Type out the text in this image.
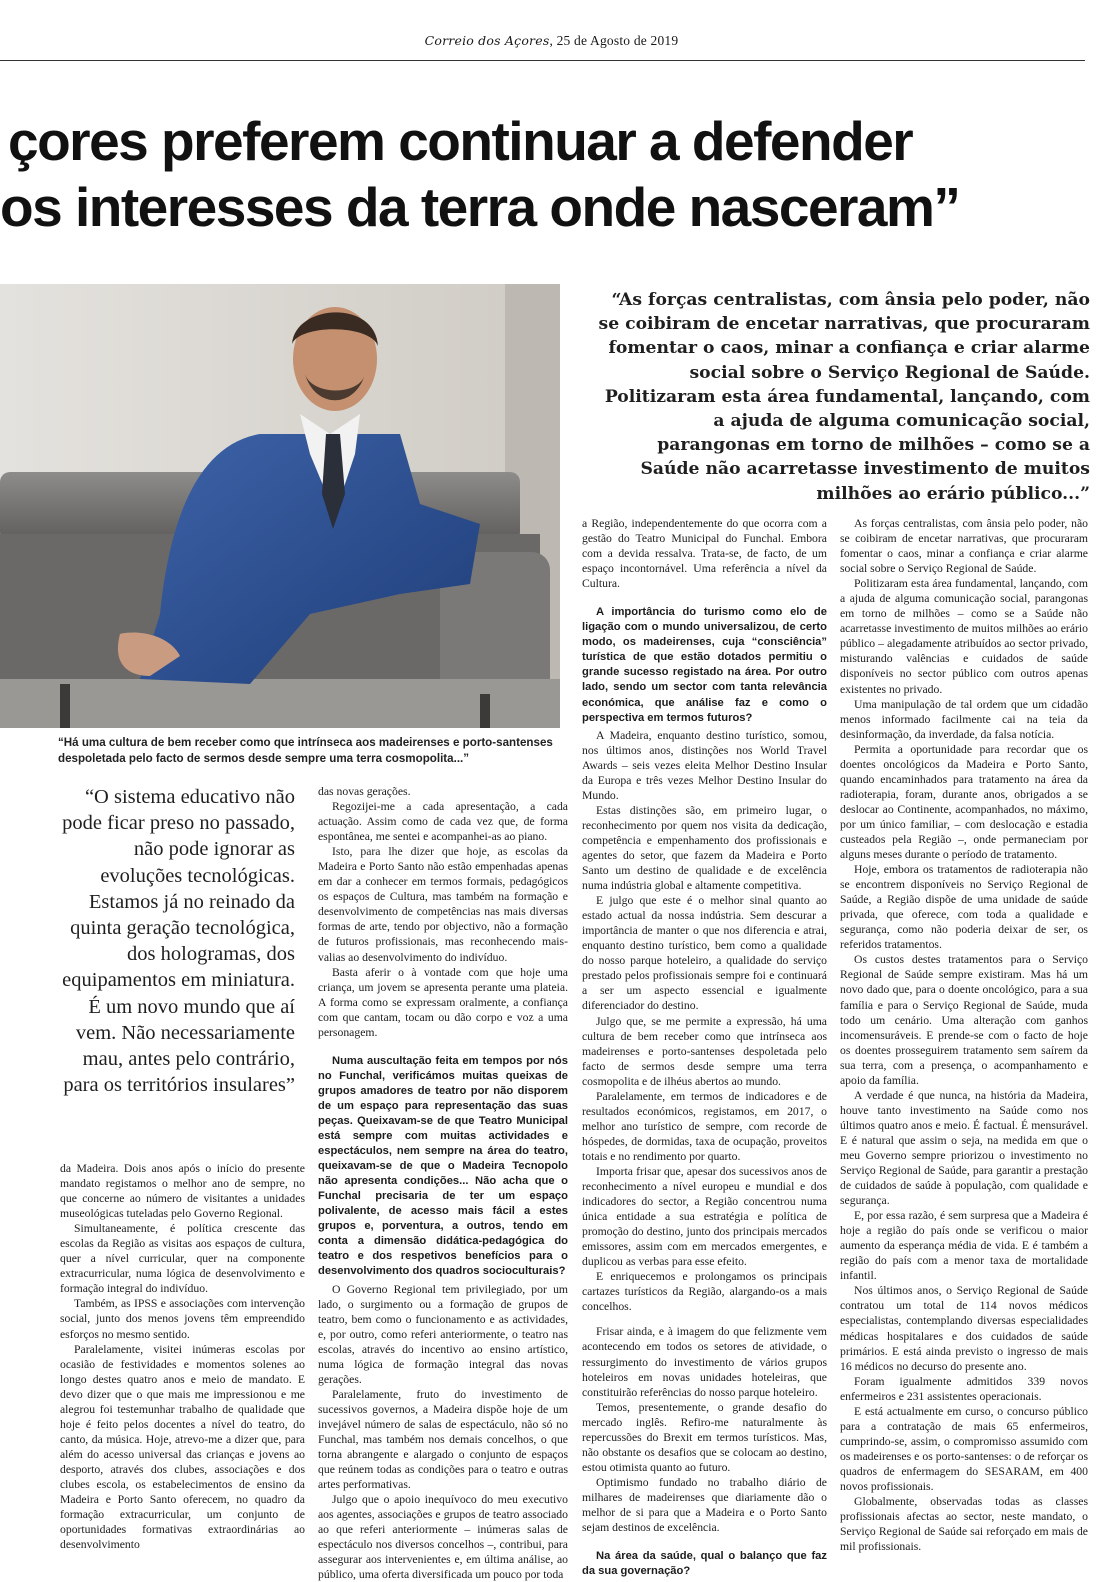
Correio dos Açores, 25 de Agosto de 2019
çores preferem continuar a defender
os interesses da terra onde nasceram”
“Há uma cultura de bem receber como que intrínseca aos madeirenses e porto-santenses despoletada pelo facto de sermos desde sempre uma terra cosmopolita...”
“As forças centralistas, com ânsia pelo poder, não se coibiram de encetar narrativas, que procuraram fomentar o caos, minar a confiança e criar alarme social sobre o Serviço Regional de Saúde. Politizaram esta área fundamental, lançando, com a ajuda de alguma comunicação social, parangonas em torno de milhões – como se a Saúde não acarretasse investimento de muitos milhões ao erário público...”
“O sistema educativo não pode ficar preso no passado, não pode ignorar as evoluções tecnológicas. Estamos já no reinado da quinta geração tecnológica, dos hologramas, dos equipamentos em miniatura. É um novo mundo que aí vem. Não necessariamente mau, antes pelo contrário, para os territórios insulares”

da Madeira. Dois anos após o início do presente mandato registamos o melhor ano de sempre, no que concerne ao número de visitantes a unidades museológicas tuteladas pelo Governo Regional.

Simultaneamente, é política crescente das escolas da Região as visitas aos espaços de cultura, quer a nível curricular, quer na componente extracurricular, numa lógica de desenvolvimento e formação integral do indivíduo.

Também, as IPSS e associações com intervenção social, junto dos menos jovens têm empreendido esforços no mesmo sentido.

Paralelamente, visitei inúmeras escolas por ocasião de festividades e momentos solenes ao longo destes quatro anos e meio de mandato. E devo dizer que o que mais me impressionou e me alegrou foi testemunhar trabalho de qualidade que hoje é feito pelos docentes a nível do teatro, do canto, da música. Hoje, atrevo-me a dizer que, para além do acesso universal das crianças e jovens ao desporto, através dos clubes, associações e dos clubes escola, os estabelecimentos de ensino da Madeira e Porto Santo oferecem, no quadro da formação extracurricular, um conjunto de oportunidades formativas extraordinárias ao desenvolvimento

das novas gerações.

Regozijei-me a cada apresentação, a cada actuação. Assim como de cada vez que, de forma espontânea, me sentei e acompanhei-as ao piano.

Isto, para lhe dizer que hoje, as escolas da Madeira e Porto Santo não estão empenhadas apenas em dar a conhecer em termos formais, pedagógicos os espaços de Cultura, mas também na formação e desenvolvimento de competências nas mais diversas formas de arte, tendo por objectivo, não a formação de futuros profissionais, mas reconhecendo mais-valias ao desenvolvimento do indivíduo.

Basta aferir o à vontade com que hoje uma criança, um jovem se apresenta perante uma plateia. A forma como se expressam oralmente, a confiança com que cantam, tocam ou dão corpo e voz a uma personagem.

Numa auscultação feita em tempos por nós no Funchal, verificámos muitas queixas de grupos amadores de teatro por não disporem de um espaço para representação das suas peças. Queixavam-se de que Teatro Municipal está sempre com muitas actividades e espectáculos, nem sempre na área do teatro, queixavam-se de que o Madeira Tecnopolo não apresenta condições... Não acha que o Funchal precisaria de ter um espaço polivalente, de acesso mais fácil a estes grupos e, porventura, a outros, tendo em conta a dimensão didática-pedagógica do teatro e dos respetivos benefícios para o desenvolvimento dos quadros socioculturais?

O Governo Regional tem privilegiado, por um lado, o surgimento ou a formação de grupos de teatro, bem como o funcionamento e as actividades, e, por outro, como referi anteriormente, o teatro nas escolas, através do incentivo ao ensino artístico, numa lógica de formação integral das novas gerações.

Paralelamente, fruto do investimento de sucessivos governos, a Madeira dispõe hoje de um invejável número de salas de espectáculo, não só no Funchal, mas também nos demais concelhos, o que torna abrangente e alargado o conjunto de espaços que reúnem todas as condições para o teatro e outras artes performativas.

Julgo que o apoio inequívoco do meu executivo aos agentes, associações e grupos de teatro associado ao que referi anteriormente – inúmeras salas de espectáculo nos diversos concelhos –, contribui, para assegurar aos intervenientes e, em última análise, ao público, uma oferta diversificada um pouco por toda

a Região, independentemente do que ocorra com a gestão do Teatro Municipal do Funchal. Embora com a devida ressalva. Trata-se, de facto, de um espaço incontornável. Uma referência a nível da Cultura.

A importância do turismo como elo de ligação com o mundo universalizou, de certo modo, os madeirenses, cuja “consciência” turística de que estão dotados permitiu o grande sucesso registado na área. Por outro lado, sendo um sector com tanta relevância económica, que análise faz e como o perspectiva em termos futuros?

A Madeira, enquanto destino turístico, somou, nos últimos anos, distinções nos World Travel Awards – seis vezes eleita Melhor Destino Insular da Europa e três vezes Melhor Destino Insular do Mundo.

Estas distinções são, em primeiro lugar, o reconhecimento por quem nos visita da dedicação, competência e empenhamento dos profissionais e agentes do setor, que fazem da Madeira e Porto Santo um destino de qualidade e de excelência numa indústria global e altamente competitiva.

E julgo que este é o melhor sinal quanto ao estado actual da nossa indústria. Sem descurar a importância de manter o que nos diferencia e atrai, enquanto destino turístico, bem como a qualidade do nosso parque hoteleiro, a qualidade do serviço prestado pelos profissionais sempre foi e continuará a ser um aspecto essencial e igualmente diferenciador do destino.

Julgo que, se me permite a expressão, há uma cultura de bem receber como que intrínseca aos madeirenses e porto-santenses despoletada pelo facto de sermos desde sempre uma terra cosmopolita e de ilhéus abertos ao mundo.

Paralelamente, em termos de indicadores e de resultados económicos, registamos, em 2017, o melhor ano turístico de sempre, com recorde de hóspedes, de dormidas, taxa de ocupação, proveitos totais e no rendimento por quarto.

Importa frisar que, apesar dos sucessivos anos de reconhecimento a nível europeu e mundial e dos indicadores do sector, a Região concentrou numa única entidade a sua estratégia e política de promoção do destino, junto dos principais mercados emissores, assim com em mercados emergentes, e duplicou as verbas para esse efeito.

E enriquecemos e prolongamos os principais cartazes turísticos da Região, alargando-os a mais concelhos.

Frisar ainda, e à imagem do que felizmente vem acontecendo em todos os setores de atividade, o ressurgimento do investimento de vários grupos hoteleiros em novas unidades hoteleiras, que constituirão referências do nosso parque hoteleiro.

Temos, presentemente, o grande desafio do mercado inglês. Refiro-me naturalmente às repercussões do Brexit em termos turísticos. Mas, não obstante os desafios que se colocam ao destino, estou otimista quanto ao futuro.

Optimismo fundado no trabalho diário de milhares de madeirenses que diariamente dão o melhor de si para que a Madeira e o Porto Santo sejam destinos de excelência.

Na área da saúde, qual o balanço que faz da sua governação?

As forças centralistas, com ânsia pelo poder, não se coibiram de encetar narrativas, que procuraram fomentar o caos, minar a confiança e criar alarme social sobre o Serviço Regional de Saúde.

Politizaram esta área fundamental, lançando, com a ajuda de alguma comunicação social, parangonas em torno de milhões – como se a Saúde não acarretasse investimento de muitos milhões ao erário público – alegadamente atribuídos ao sector privado, misturando valências e cuidados de saúde disponíveis no sector público com outros apenas existentes no privado.

Uma manipulação de tal ordem que um cidadão menos informado facilmente cai na teia da desinformação, da inverdade, da falsa notícia.

Permita a oportunidade para recordar que os doentes oncológicos da Madeira e Porto Santo, quando encaminhados para tratamento na área da radioterapia, foram, durante anos, obrigados a se deslocar ao Continente, acompanhados, no máximo, por um único familiar, – com deslocação e estadia custeados pela Região –, onde permaneciam por alguns meses durante o período de tratamento.

Hoje, embora os tratamentos de radioterapia não se encontrem disponíveis no Serviço Regional de Saúde, a Região dispõe de uma unidade de saúde privada, que oferece, com toda a qualidade e segurança, como não poderia deixar de ser, os referidos tratamentos.

Os custos destes tratamentos para o Serviço Regional de Saúde sempre existiram. Mas há um novo dado que, para o doente oncológico, para a sua família e para o Serviço Regional de Saúde, muda todo um cenário. Uma alteração com ganhos incomensuráveis. E prende-se com o facto de hoje os doentes prosseguirem tratamento sem saírem da sua terra, com a presença, o acompanhamento e apoio da família.

A verdade é que nunca, na história da Madeira, houve tanto investimento na Saúde como nos últimos quatro anos e meio. É factual. É mensurável. E é natural que assim o seja, na medida em que o meu Governo sempre priorizou o investimento no Serviço Regional de Saúde, para garantir a prestação de cuidados de saúde à população, com qualidade e segurança.

E, por essa razão, é sem surpresa que a Madeira é hoje a região do país onde se verificou o maior aumento da esperança média de vida. E é também a região do país com a menor taxa de mortalidade infantil.

Nos últimos anos, o Serviço Regional de Saúde contratou um total de 114 novos médicos especialistas, contemplando diversas especialidades médicas hospitalares e dos cuidados de saúde primários. E está ainda previsto o ingresso de mais 16 médicos no decurso do presente ano.

Foram igualmente admitidos 339 novos enfermeiros e 231 assistentes operacionais.

E está actualmente em curso, o concurso público para a contratação de mais 65 enfermeiros, cumprindo-se, assim, o compromisso assumido com os madeirenses e os porto-santenses: o de reforçar os quadros de enfermagem do SESARAM, em 400 novos profissionais.

Globalmente, observadas todas as classes profissionais afectas ao sector, neste mandato, o Serviço Regional de Saúde sai reforçado em mais de mil profissionais.
